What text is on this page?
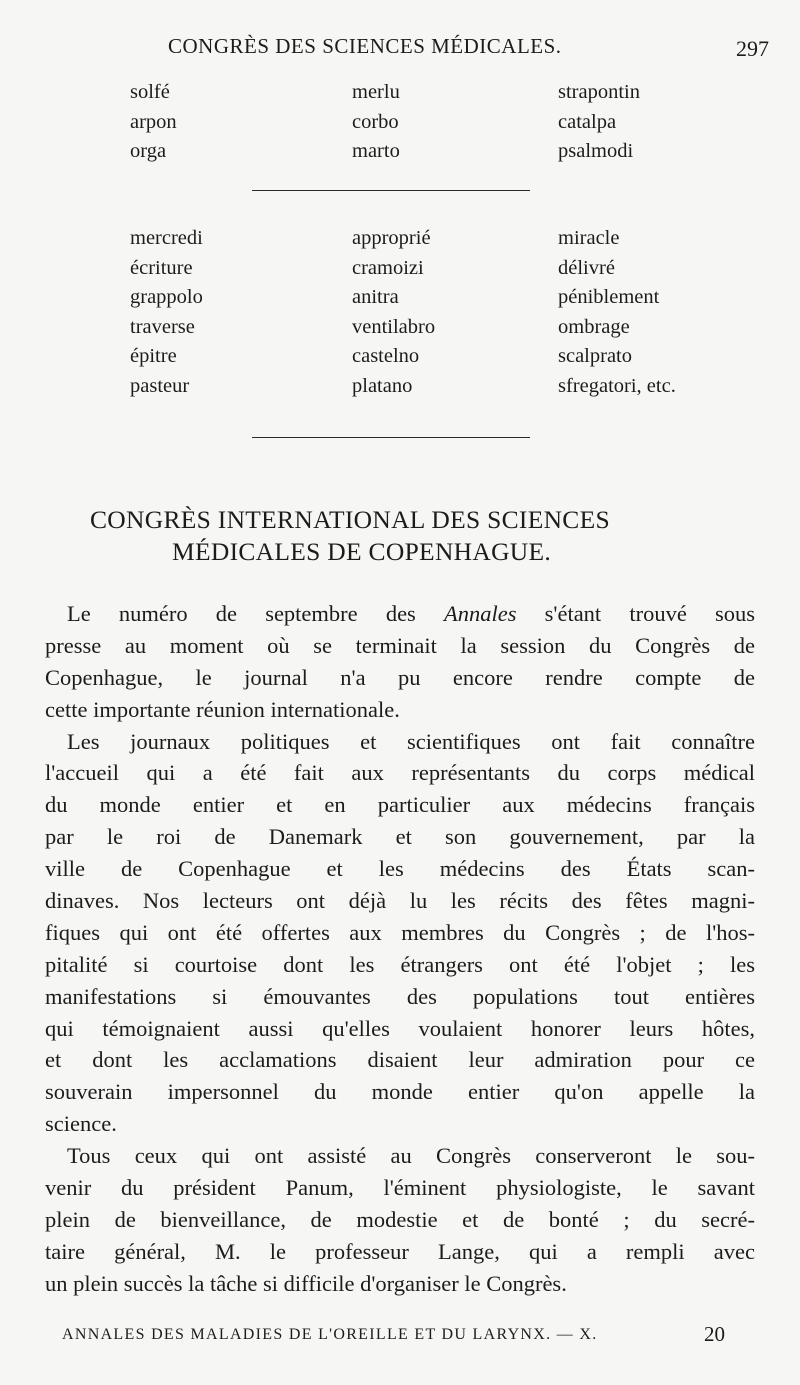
CONGRÈS DES SCIENCES MÉDICALES.	297
solfé
arpon
orga
merlu
corbo
marto
strapontin
catalpa
psalmodi
mercredi
écriture
grappolo
traverse
épitre
pasteur
approprié
cramoizi
anitra
ventilabro
castelno
platano
miracle
délivré
péniblement
ombrage
scalprato
sfregatori, etc.
CONGRÈS INTERNATIONAL DES SCIENCES
MÉDICALES DE COPENHAGUE.
Le numéro de septembre des Annales s'étant trouvé sous
presse au moment où se terminait la session du Congrès de
Copenhague, le journal n'a pu encore rendre compte de
cette importante réunion internationale.
Les journaux politiques et scientifiques ont fait connaître
l'accueil qui a été fait aux représentants du corps médical
du monde entier et en particulier aux médecins français
par le roi de Danemark et son gouvernement, par la
ville de Copenhague et les médecins des États scan-
dinaves. Nos lecteurs ont déjà lu les récits des fêtes magni-
fiques qui ont été offertes aux membres du Congrès ; de l'hos-
pitalité si courtoise dont les étrangers ont été l'objet ; les
manifestations si émouvantes des populations tout entières
qui témoignaient aussi qu'elles voulaient honorer leurs hôtes,
et dont les acclamations disaient leur admiration pour ce
souverain impersonnel du monde entier qu'on appelle la
science.
Tous ceux qui ont assisté au Congrès conserveront le sou-
venir du président Panum, l'éminent physiologiste, le savant
plein de bienveillance, de modestie et de bonté ; du secré-
taire général, M. le professeur Lange, qui a rempli avec
un plein succès la tâche si difficile d'organiser le Congrès.
ANNALES DES MALADIES DE L'OREILLE ET DU LARYNX. — X.	20
